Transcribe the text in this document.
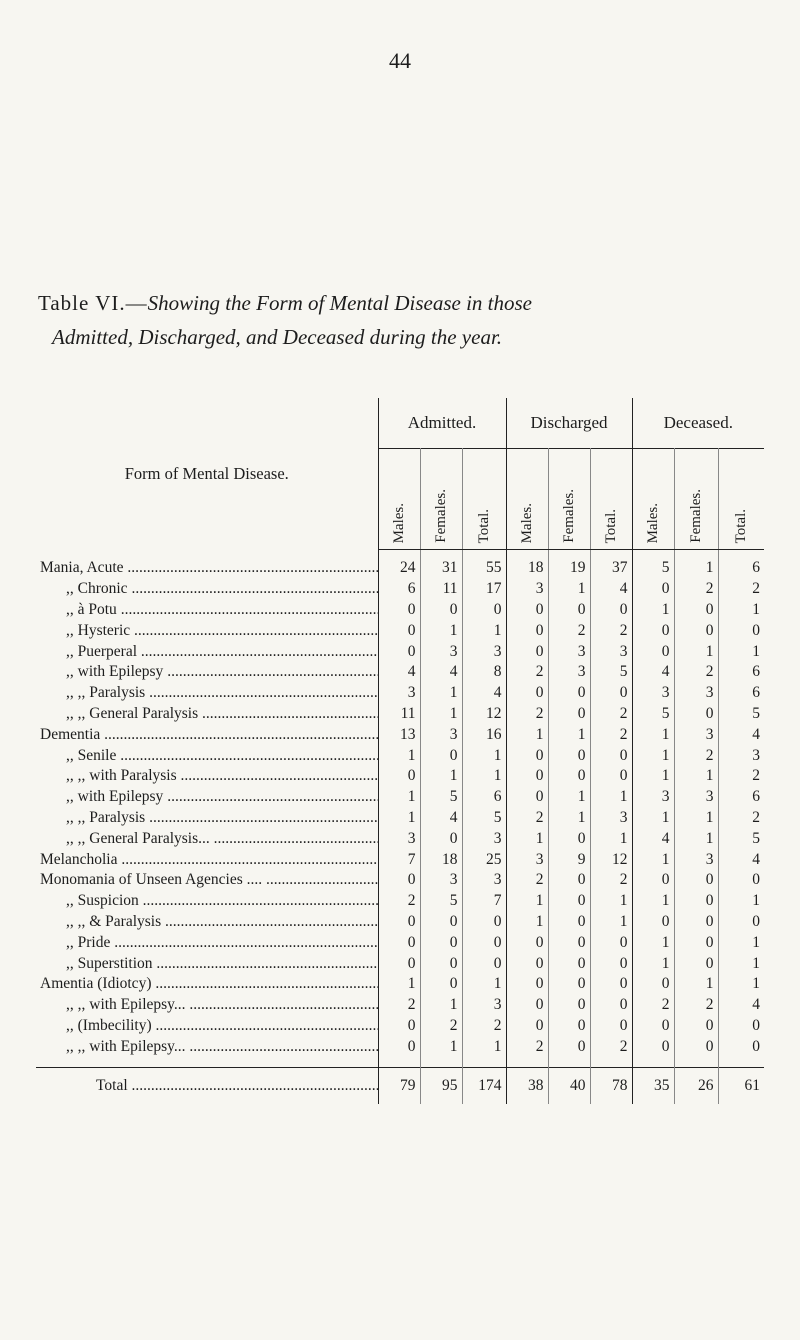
44
Table VI.—Showing the Form of Mental Disease in those
Admitted, Discharged, and Deceased during the year.
Form of Mental Disease.	Admitted.			Discharged			Deceased.		

	Males.	Females.	Total.	Males.	Females.	Total.	Males.	Females.	Total.

Mania, Acute .....	24	31	55	18	19	37	5	1	6
,, Chronic .....	6	11	17	3	1	4	0	2	2
,, à Potu .....	0	0	0	0	0	0	1	0	1
,, Hysteric .....	0	1	1	0	2	2	0	0	0
,, Puerperal .....	0	3	3	0	3	3	0	1	1
,, with Epilepsy .....	4	4	8	2	3	5	4	2	6
,, ,, Paralysis .....	3	1	4	0	0	0	3	3	6
,, ,, General Paralysis .....	11	1	12	2	0	2	5	0	5
Dementia .....	13	3	16	1	1	2	1	3	4
,, Senile .....	1	0	1	0	0	0	1	2	3
,, ,, with Paralysis .....	0	1	1	0	0	0	1	1	2
,, with Epilepsy .....	1	5	6	0	1	1	3	3	6
,, ,, Paralysis .....	1	4	5	2	1	3	1	1	2
,, ,, General Paralysis... .....	3	0	3	1	0	1	4	1	5
Melancholia .....	7	18	25	3	9	12	1	3	4
Monomania of Unseen Agencies .... .....	0	3	3	2	0	2	0	0	0
,, Suspicion .....	2	5	7	1	0	1	1	0	1
,, ,, & Paralysis .....	0	0	0	1	0	1	0	0	0
,, Pride .....	0	0	0	0	0	0	1	0	1
,, Superstition .....	0	0	0	0	0	0	1	0	1
Amentia (Idiotcy) .....	1	0	1	0	0	0	0	1	1
,, ,, with Epilepsy... .....	2	1	3	0	0	0	2	2	4
,, (Imbecility) .....	0	2	2	0	0	0	0	0	0
,, ,, with Epilepsy... .....	0	1	1	2	0	2	0	0	0
Total .....	79	95	174	38	40	78	35	26	61
